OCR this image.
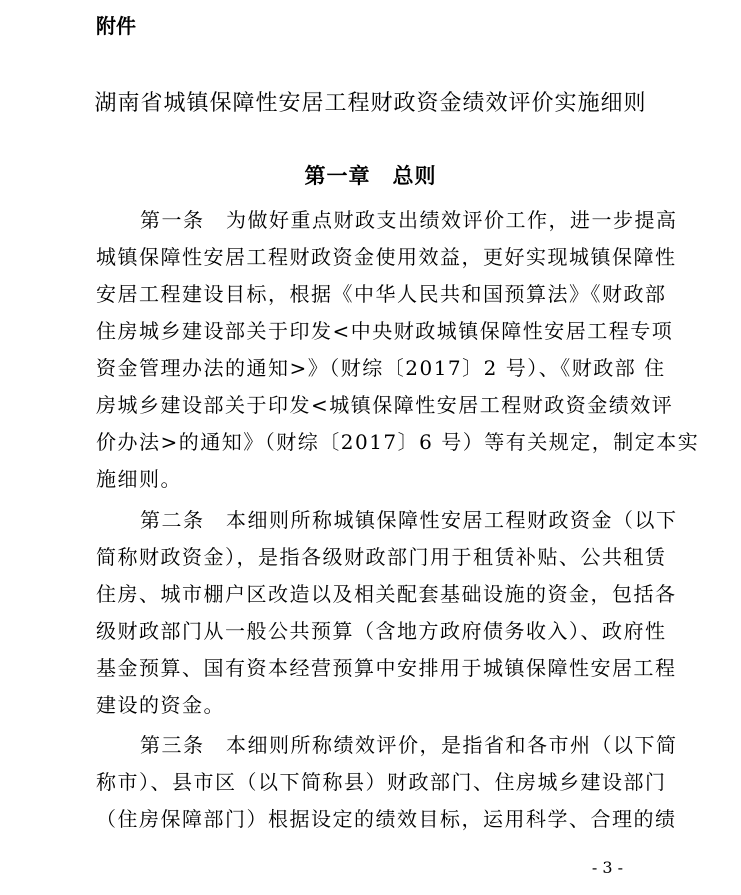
附件
湖南省城镇保障性安居工程财政资金绩效评价实施细则
第一章　总则
第一条　为做好重点财政支出绩效评价工作，进一步提高
城镇保障性安居工程财政资金使用效益，更好实现城镇保障性
安居工程建设目标，根据《中华人民共和国预算法》《财政部
住房城乡建设部关于印发<中央财政城镇保障性安居工程专项
资金管理办法的通知>》（财综〔2017〕2 号）、《财政部 住
房城乡建设部关于印发<城镇保障性安居工程财政资金绩效评
价办法>的通知》（财综〔2017〕6 号）等有关规定，制定本实
施细则。
第二条　本细则所称城镇保障性安居工程财政资金（以下
简称财政资金），是指各级财政部门用于租赁补贴、公共租赁
住房、城市棚户区改造以及相关配套基础设施的资金，包括各
级财政部门从一般公共预算（含地方政府债务收入）、政府性
基金预算、国有资本经营预算中安排用于城镇保障性安居工程
建设的资金。
第三条　本细则所称绩效评价，是指省和各市州（以下简
称市）、县市区（以下简称县）财政部门、住房城乡建设部门
（住房保障部门）根据设定的绩效目标，运用科学、合理的绩
- 3 -
